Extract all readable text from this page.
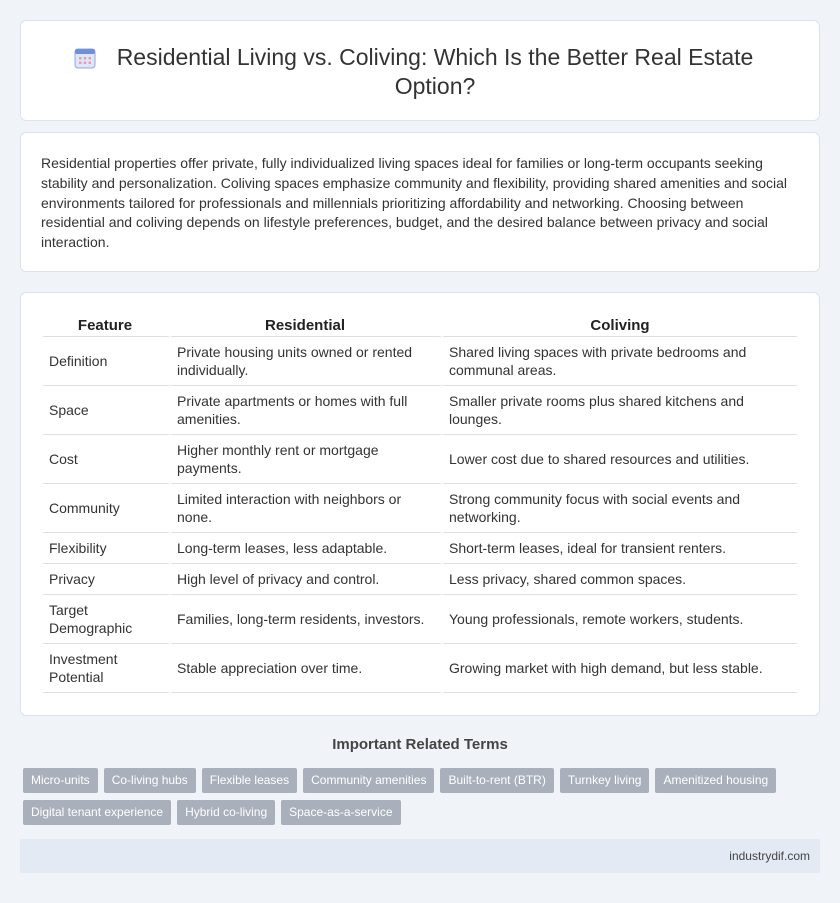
Residential Living vs. Coliving: Which Is the Better Real Estate Option?

Residential properties offer private, fully individualized living spaces ideal for families or long-term occupants seeking stability and personalization. Coliving spaces emphasize community and flexibility, providing shared amenities and social environments tailored for professionals and millennials prioritizing affordability and networking. Choosing between residential and coliving depends on lifestyle preferences, budget, and the desired balance between privacy and social interaction.

Feature	Residential	Coliving
Definition	Private housing units owned or rented individually.	Shared living spaces with private bedrooms and communal areas.
Space	Private apartments or homes with full amenities.	Smaller private rooms plus shared kitchens and lounges.
Cost	Higher monthly rent or mortgage payments.	Lower cost due to shared resources and utilities.
Community	Limited interaction with neighbors or none.	Strong community focus with social events and networking.
Flexibility	Long-term leases, less adaptable.	Short-term leases, ideal for transient renters.
Privacy	High level of privacy and control.	Less privacy, shared common spaces.
Target Demographic	Families, long-term residents, investors.	Young professionals, remote workers, students.
Investment Potential	Stable appreciation over time.	Growing market with high demand, but less stable.
Important Related Terms
Micro-units	Co-living hubs	Flexible leases	Community amenities	Built-to-rent (BTR)	Turnkey living	Amenitized housing
Digital tenant experience	Hybrid co-living	Space-as-a-service
industrydif.com
